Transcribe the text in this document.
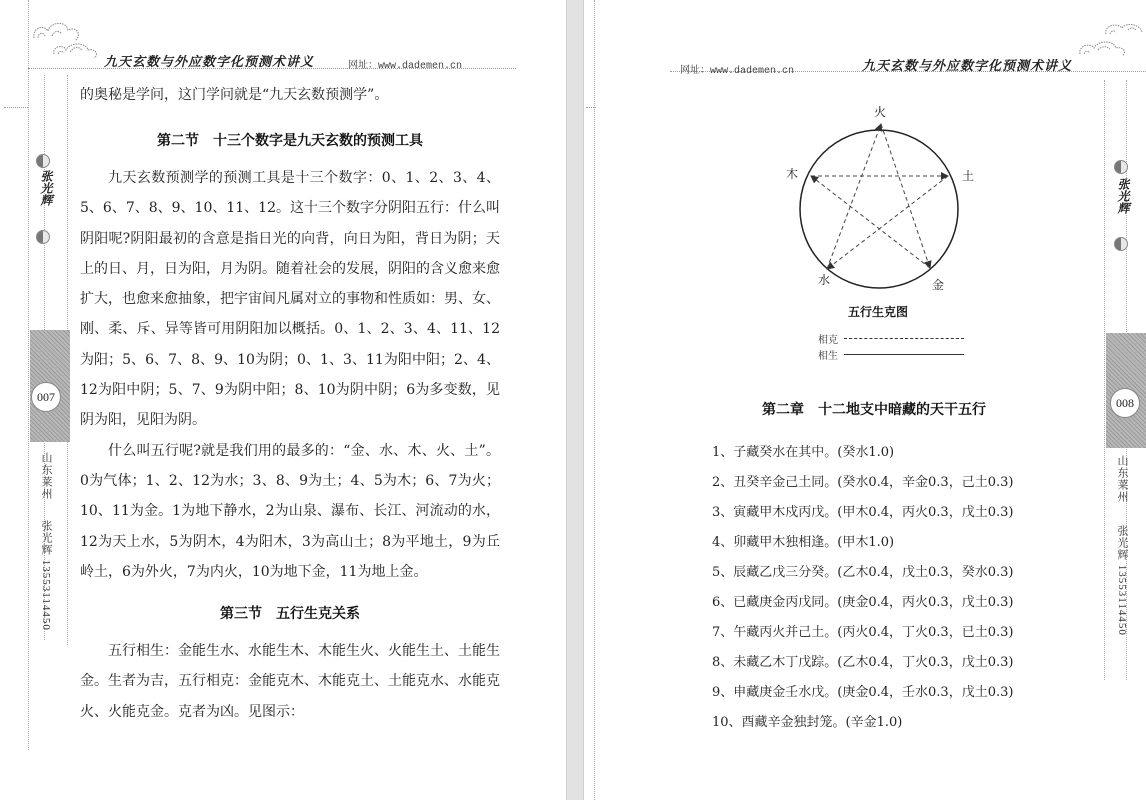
九天玄数与外应数字化预测术讲义	网址：www.dademen.cn
张光辉
007
山东莱州
张光辉 13553114450

的奥秘是学问，这门学问就是“九天玄数预测学”。

第二节　十三个数字是九天玄数的预测工具

九天玄数预测学的预测工具是十三个数字：0、1、2、3、4、5、6、7、8、9、10、11、12。这十三个数字分阴阳五行：什么叫阴阳呢?阴阳最初的含意是指日光的向背，向日为阳，背日为阴；天上的日、月，日为阳，月为阴。随着社会的发展，阴阳的含义愈来愈扩大，也愈来愈抽象，把宇宙间凡属对立的事物和性质如：男、女、刚、柔、斥、异等皆可用阴阳加以概括。0、1、2、3、4、11、12为阳；5、6、7、8、9、10为阴；0、1、3、11为阳中阳；2、4、12为阳中阴；5、7、9为阴中阳；8、10为阴中阴；6为多变数，见阴为阳，见阳为阴。

什么叫五行呢?就是我们用的最多的：“金、水、木、火、土”。0为气体；1、2、12为水；3、8、9为土；4、5为木；6、7为火；10、11为金。1为地下静水，2为山泉、瀑布、长江、河流动的水，12为天上水，5为阴木，4为阳木，3为高山土；8为平地土，9为丘岭土，6为外火，7为内火，10为地下金，11为地上金。

第三节　五行生克关系

五行相生：金能生水、水能生木、木能生火、火能生土、土能生金。生者为吉，五行相克：金能克木、木能克土、土能克水、水能克火、火能克金。克者为凶。见图示：

网址：www.dademen.cn	九天玄数与外应数字化预测术讲义
张光辉
008
山东莱州
张光辉 13553114450
火
土
金
水
木
五行生克图
相克
相生
第二章　十二地支中暗藏的天干五行
1、子藏癸水在其中。(癸水1.0)
2、丑癸辛金己土同。(癸水0.4，辛金0.3，己土0.3)
3、寅藏甲木戍丙戊。(甲木0.4，丙火0.3，戊土0.3)
4、卯藏甲木独相逢。(甲木1.0)
5、辰藏乙戊三分癸。(乙木0.4，戊土0.3，癸水0.3)
6、已藏庚金丙戊同。(庚金0.4，丙火0.3，戊土0.3)
7、午藏丙火并己土。(丙火0.4，丁火0.3，已土0.3)
8、未藏乙木丁戊踪。(乙木0.4，丁火0.3，戊土0.3)
9、申藏庚金壬水戊。(庚金0.4，壬水0.3，戊土0.3)
10、酉藏辛金独封笼。(辛金1.0)
